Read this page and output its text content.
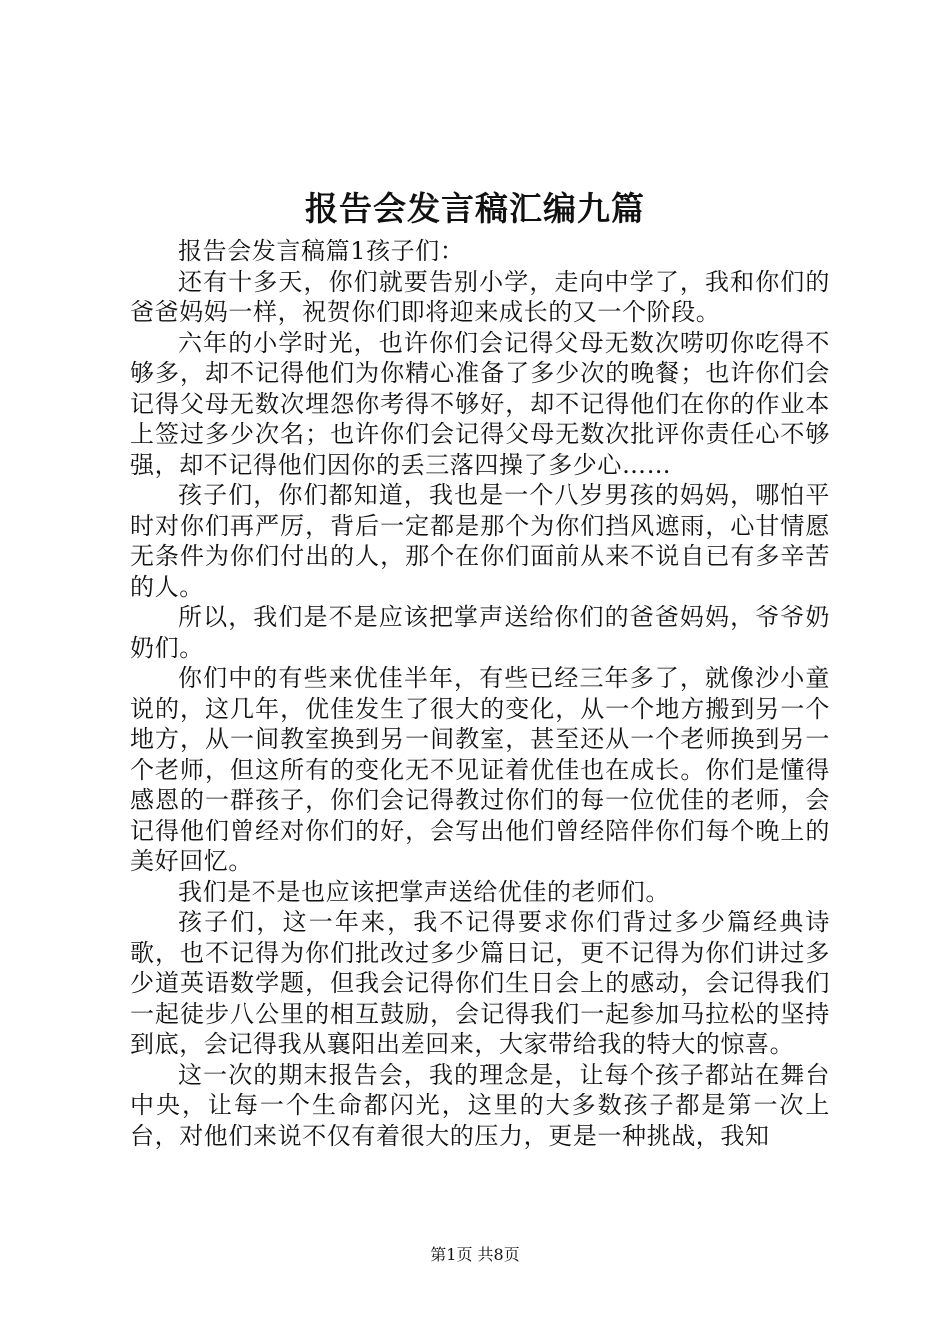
报告会发言稿汇编九篇

报告会发言稿篇1孩子们：

还有十多天，你们就要告别小学，走向中学了，我和你们的爸爸妈妈一样，祝贺你们即将迎来成长的又一个阶段。

六年的小学时光，也许你们会记得父母无数次唠叨你吃得不够多，却不记得他们为你精心准备了多少次的晚餐；也许你们会记得父母无数次埋怨你考得不够好，却不记得他们在你的作业本上签过多少次名；也许你们会记得父母无数次批评你责任心不够强，却不记得他们因你的丢三落四操了多少心……

孩子们，你们都知道，我也是一个八岁男孩的妈妈，哪怕平时对你们再严厉，背后一定都是那个为你们挡风遮雨，心甘情愿无条件为你们付出的人，那个在你们面前从来不说自已有多辛苦的人。

所以，我们是不是应该把掌声送给你们的爸爸妈妈，爷爷奶奶们。

你们中的有些来优佳半年，有些已经三年多了，就像沙小童说的，这几年，优佳发生了很大的变化，从一个地方搬到另一个地方，从一间教室换到另一间教室，甚至还从一个老师换到另一个老师，但这所有的变化无不见证着优佳也在成长。你们是懂得感恩的一群孩子，你们会记得教过你们的每一位优佳的老师，会记得他们曾经对你们的好，会写出他们曾经陪伴你们每个晚上的美好回忆。

我们是不是也应该把掌声送给优佳的老师们。

孩子们，这一年来，我不记得要求你们背过多少篇经典诗歌，也不记得为你们批改过多少篇日记，更不记得为你们讲过多少道英语数学题，但我会记得你们生日会上的感动，会记得我们一起徒步八公里的相互鼓励，会记得我们一起参加马拉松的坚持到底，会记得我从襄阳出差回来，大家带给我的特大的惊喜。

这一次的期末报告会，我的理念是，让每个孩子都站在舞台中央，让每一个生命都闪光，这里的大多数孩子都是第一次上台，对他们来说不仅有着很大的压力，更是一种挑战，我知

第1页 共8页
